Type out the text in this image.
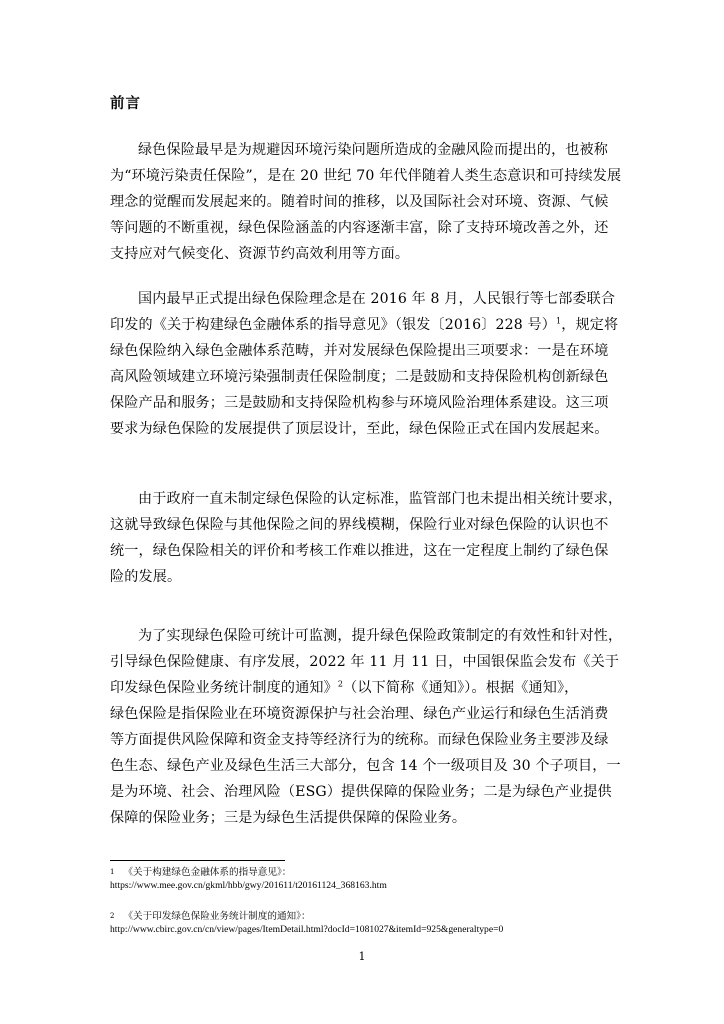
前言
绿色保险最早是为规避因环境污染问题所造成的金融风险而提出的，也被称
为“环境污染责任保险”，是在 20 世纪 70 年代伴随着人类生态意识和可持续发展
理念的觉醒而发展起来的。随着时间的推移，以及国际社会对环境、资源、气候
等问题的不断重视，绿色保险涵盖的内容逐渐丰富，除了支持环境改善之外，还
支持应对气候变化、资源节约高效利用等方面。
国内最早正式提出绿色保险理念是在 2016 年 8 月，人民银行等七部委联合
印发的《关于构建绿色金融体系的指导意见》（银发〔2016〕228 号）$^1$，规定将
绿色保险纳入绿色金融体系范畴，并对发展绿色保险提出三项要求：一是在环境
高风险领域建立环境污染强制责任保险制度；二是鼓励和支持保险机构创新绿色
保险产品和服务；三是鼓励和支持保险机构参与环境风险治理体系建设。这三项
要求为绿色保险的发展提供了顶层设计，至此，绿色保险正式在国内发展起来。
由于政府一直未制定绿色保险的认定标准，监管部门也未提出相关统计要求，
这就导致绿色保险与其他保险之间的界线模糊，保险行业对绿色保险的认识也不
统一，绿色保险相关的评价和考核工作难以推进，这在一定程度上制约了绿色保
险的发展。
为了实现绿色保险可统计可监测，提升绿色保险政策制定的有效性和针对性，
引导绿色保险健康、有序发展，2022 年 11 月 11 日，中国银保监会发布《关于
印发绿色保险业务统计制度的通知》$^2$（以下简称《通知》）。根据《通知》，
绿色保险是指保险业在环境资源保护与社会治理、绿色产业运行和绿色生活消费
等方面提供风险保障和资金支持等经济行为的统称。而绿色保险业务主要涉及绿
色生态、绿色产业及绿色生活三大部分，包含 14 个一级项目及 30 个子项目，一
是为环境、社会、治理风险（ESG）提供保障的保险业务；二是为绿色产业提供
保障的保险业务；三是为绿色生活提供保障的保险业务。
$^1$ 《关于构建绿色金融体系的指导意见》：
https://www.mee.gov.cn/gkml/hbb/gwy/201611/t20161124_368163.htm
$^2$ 《关于印发绿色保险业务统计制度的通知》：
http://www.cbirc.gov.cn/cn/view/pages/ItemDetail.html?docId=1081027&itemId=925&generaltype=0
1
